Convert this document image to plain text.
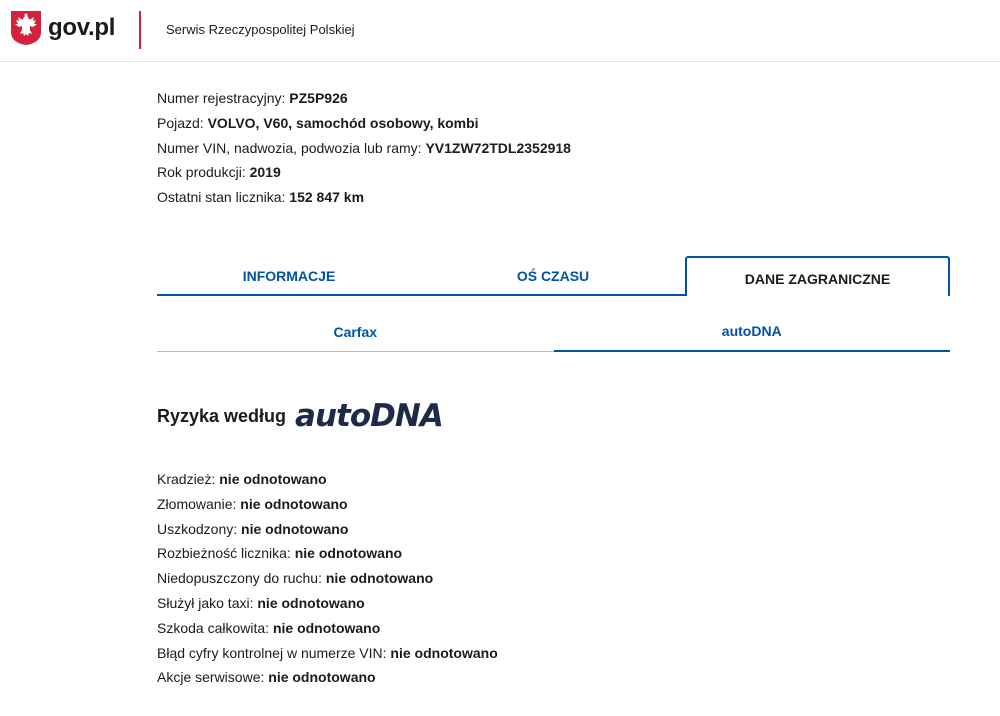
gov.pl	Serwis Rzeczypospolitej Polskiej
Numer rejestracyjny: PZ5P926
Pojazd: VOLVO, V60, samochód osobowy, kombi
Numer VIN, nadwozia, podwozia lub ramy: YV1ZW72TDL2352918
Rok produkcji: 2019
Ostatni stan licznika: 152 847 km
INFORMACJE	OŚ CZASU	DANE ZAGRANICZNE
Carfax	autoDNA
Ryzyka według autoDNA
Kradzież: nie odnotowano
Złomowanie: nie odnotowano
Uszkodzony: nie odnotowano
Rozbieżność licznika: nie odnotowano
Niedopuszczony do ruchu: nie odnotowano
Służył jako taxi: nie odnotowano
Szkoda całkowita: nie odnotowano
Błąd cyfry kontrolnej w numerze VIN: nie odnotowano
Akcje serwisowe: nie odnotowano
